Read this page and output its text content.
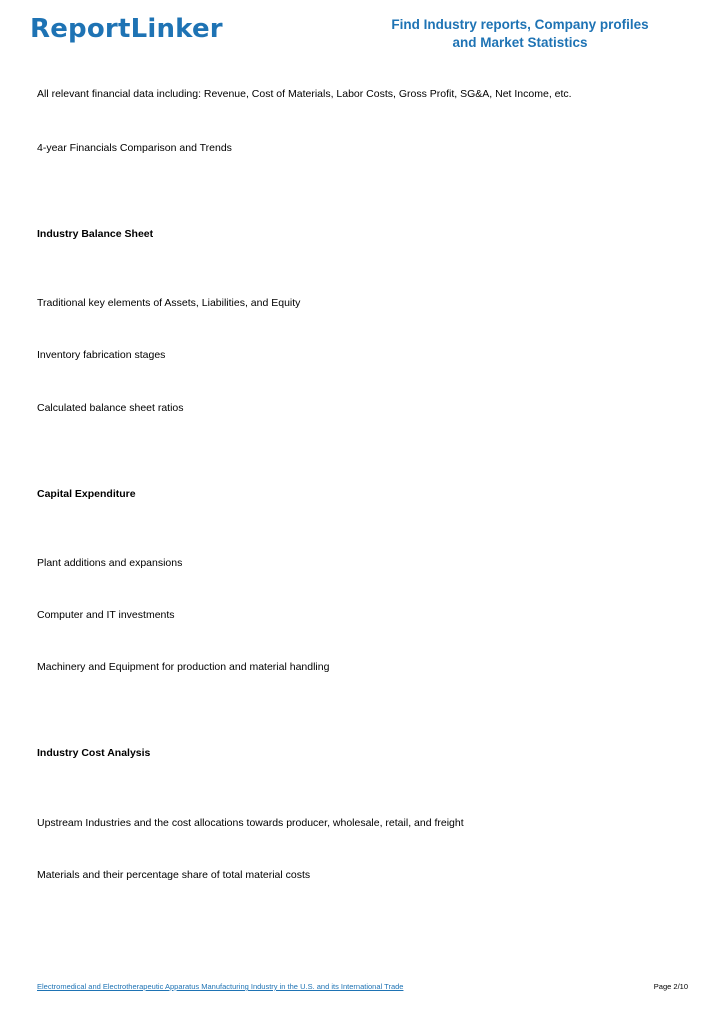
ReportLinker	Find Industry reports, Company profiles
and Market Statistics
All relevant financial data including: Revenue, Cost of Materials, Labor Costs, Gross Profit, SG&A, Net Income, etc.
4-year Financials Comparison and Trends
Industry Balance Sheet
Traditional key elements of Assets, Liabilities, and Equity
Inventory fabrication stages
Calculated balance sheet ratios
Capital Expenditure
Plant additions and expansions
Computer and IT investments
Machinery and Equipment for production and material handling
Industry Cost Analysis
Upstream Industries and the cost allocations towards producer, wholesale, retail, and freight
Materials and their percentage share of total material costs
Electromedical and Electrotherapeutic Apparatus Manufacturing Industry in the U.S. and its International Trade	Page 2/10
